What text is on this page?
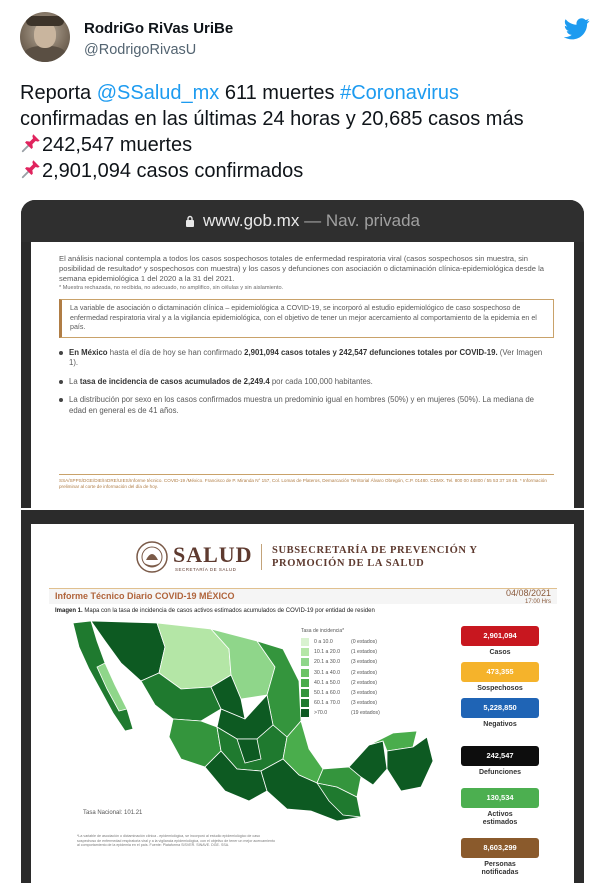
RodriGo RiVas UriBe
@RodrigoRivasU
Reporta @SSalud_mx 611 muertes #Coronavirus
confirmadas en las últimas 24 horas y 20,685 casos más
242,547 muertes
2,901,094 casos confirmados
www.gob.mx — Nav. privada

El análisis nacional contempla a todos los casos sospechosos totales de enfermedad respiratoria viral (casos sospechosos sin muestra, sin posibilidad de resultado* y sospechosos con muestra) y los casos y defunciones con asociación o dictaminación clínica-epidemiológica desde la semana epidemiológica 1 del 2020 a la 31 del 2021.

* Muestra rechazada, no recibida, no adecuado, no amplifico, sin células y sin aislamiento.

La variable de asociación o dictaminación clínica – epidemiológica a COVID-19, se incorporó al estudio epidemiológico de caso sospechoso de enfermedad respiratoria viral y a la vigilancia epidemiológica, con el objetivo de tener un mejor acercamiento al comportamiento de la epidemia en el país.
En México hasta el día de hoy se han confirmado 2,901,094 casos totales y 242,547 defunciones totales por COVID-19. (Ver Imagen 1).
La tasa de incidencia de casos acumulados de 2,249.4 por cada 100,000 habitantes.
La distribución por sexo en los casos confirmados muestra un predominio igual en hombres (50%) y en mujeres (50%). La mediana de edad en general es de 41 años.
SSA/SPPS/DGE/DIE/InDRE/UIES/Informe técnico. COVID-19 /México. Francisco de P. Miranda N° 157, Col. Lomas de Plateros, Demarcación Territorial Álvaro Obregón, C.P. 01480. CDMX. Tel. 800 00 44800 / 55 53 37 18 45. * Información preliminar al corte de información del día de hoy.
SALUD
SECRETARÍA DE SALUD
SUBSECRETARÍA DE PREVENCIÓN Y
PROMOCIÓN DE LA SALUD
Informe Técnico Diario COVID-19 MÉXICO	04/08/2021
17:00 Hrs
Imagen 1. Mapa con la tasa de incidencia de casos activos estimados acumulados de COVID-19 por entidad de residen
Tasa de incidencia*
0 a 10.0	(0 estados)
10.1 a 20.0 (1 estados)
20.1 a 30.0 (3 estados)
30.1 a 40.0 (2 estados)
40.1 a 50.0 (2 estados)
50.1 a 60.0 (3 estados)
60.1 a 70.0 (3 estados)
>70.0	(19 estados)
Tasa Nacional: 101.21
*La variable de asociación o dictaminación clínica - epidemiológica, se incorporó al estudio epidemiológico de caso sospechoso de enfermedad respiratoria viral y a la vigilancia epidemiológica, con el objetivo de tener un mejor acercamiento al comportamiento de la epidemia en el país. Fuente: Plataforma SISVER. SINAVE. DGE. SSA.
2,901,094
Casos
473,355
Sospechosos
5,228,850
Negativos
242,547
Defunciones
130,534
Activos estimados
8,603,299
Personas notificadas
